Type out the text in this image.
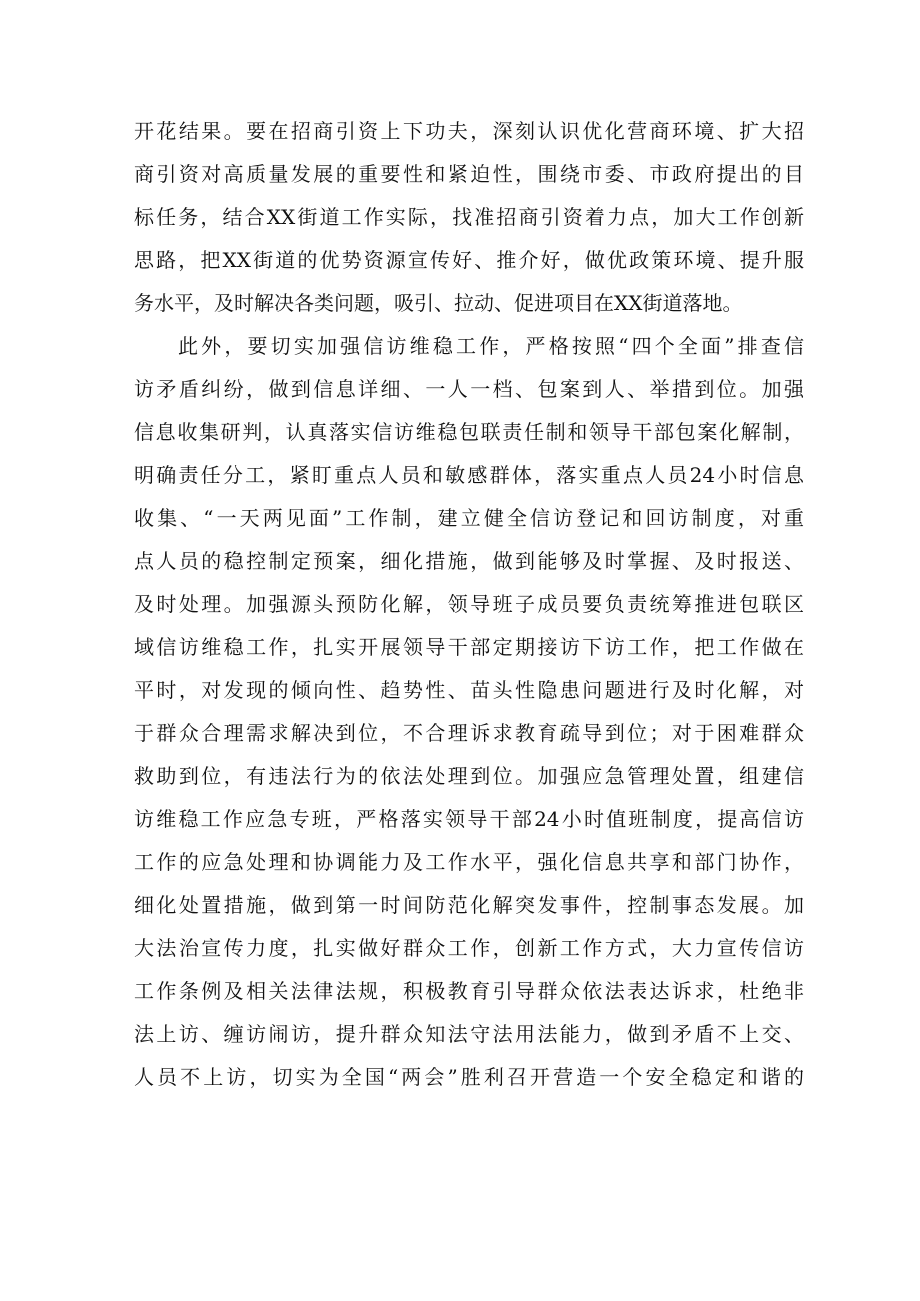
开花结果。要在招商引资上下功夫，深刻认识优化营商环境、扩大招
商引资对高质量发展的重要性和紧迫性，围绕市委、市政府提出的目
标任务，结合XX街道工作实际，找准招商引资着力点，加大工作创新
思路，把XX街道的优势资源宣传好、推介好，做优政策环境、提升服
务水平，及时解决各类问题，吸引、拉动、促进项目在XX街道落地。
此外，要切实加强信访维稳工作，严格按照“四个全面”排查信
访矛盾纠纷，做到信息详细、一人一档、包案到人、举措到位。加强
信息收集研判，认真落实信访维稳包联责任制和领导干部包案化解制，
明确责任分工，紧盯重点人员和敏感群体，落实重点人员24小时信息
收集、“一天两见面”工作制，建立健全信访登记和回访制度，对重
点人员的稳控制定预案，细化措施，做到能够及时掌握、及时报送、
及时处理。加强源头预防化解，领导班子成员要负责统筹推进包联区
域信访维稳工作，扎实开展领导干部定期接访下访工作，把工作做在
平时，对发现的倾向性、趋势性、苗头性隐患问题进行及时化解，对
于群众合理需求解决到位，不合理诉求教育疏导到位；对于困难群众
救助到位，有违法行为的依法处理到位。加强应急管理处置，组建信
访维稳工作应急专班，严格落实领导干部24小时值班制度，提高信访
工作的应急处理和协调能力及工作水平，强化信息共享和部门协作，
细化处置措施，做到第一时间防范化解突发事件，控制事态发展。加
大法治宣传力度，扎实做好群众工作，创新工作方式，大力宣传信访
工作条例及相关法律法规，积极教育引导群众依法表达诉求，杜绝非
法上访、缠访闹访，提升群众知法守法用法能力，做到矛盾不上交、
人员不上访，切实为全国“两会”胜利召开营造一个安全稳定和谐的
